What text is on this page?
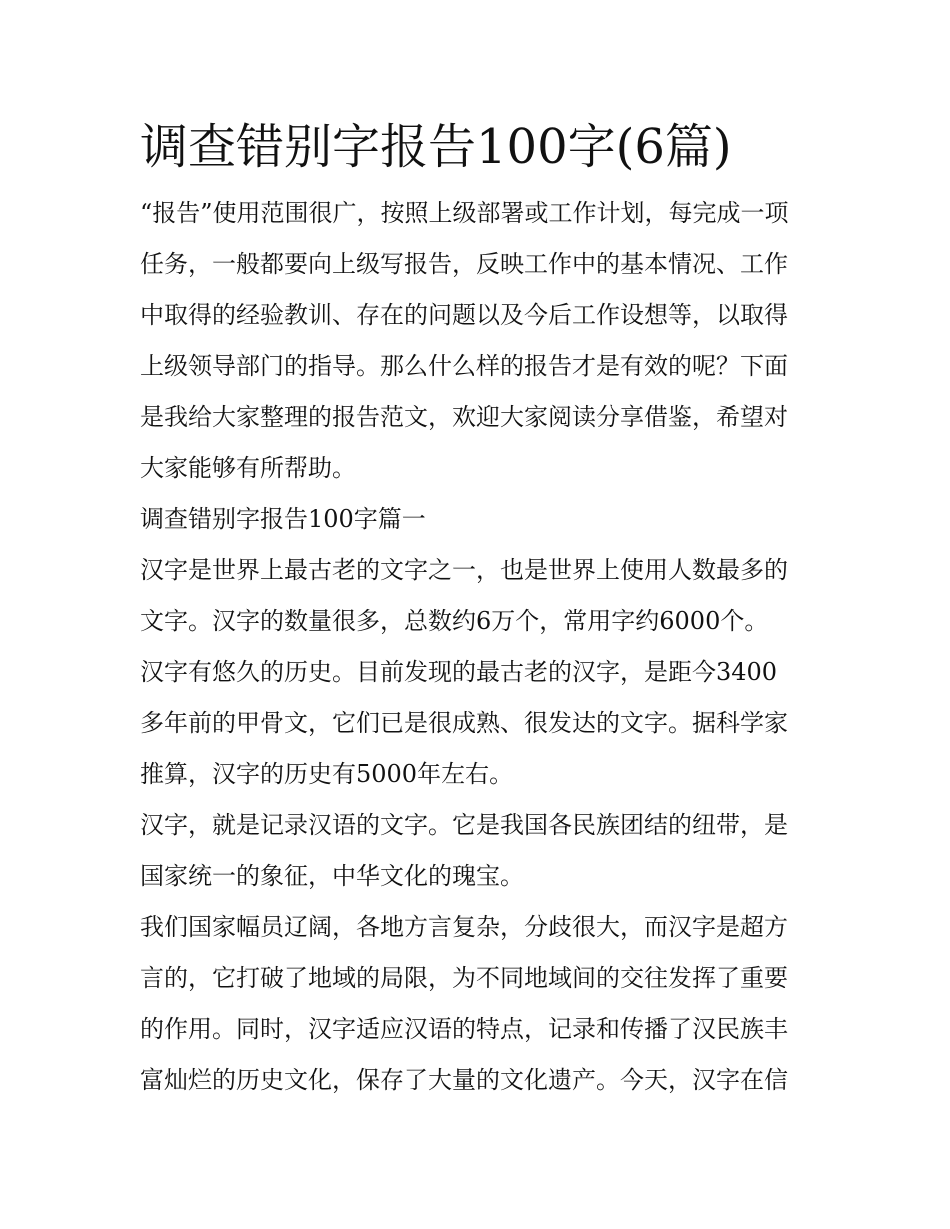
调查错别字报告100字(6篇)
“报告”使用范围很广，按照上级部署或工作计划，每完成一项
任务，一般都要向上级写报告，反映工作中的基本情况、工作
中取得的经验教训、存在的问题以及今后工作设想等，以取得
上级领导部门的指导。那么什么样的报告才是有效的呢？下面
是我给大家整理的报告范文，欢迎大家阅读分享借鉴，希望对
大家能够有所帮助。
调查错别字报告100字篇一
汉字是世界上最古老的文字之一，也是世界上使用人数最多的
文字。汉字的数量很多，总数约6万个，常用字约6000个。
汉字有悠久的历史。目前发现的最古老的汉字，是距今3400
多年前的甲骨文，它们已是很成熟、很发达的文字。据科学家
推算，汉字的历史有5000年左右。
汉字，就是记录汉语的文字。它是我国各民族团结的纽带，是
国家统一的象征，中华文化的瑰宝。
我们国家幅员辽阔，各地方言复杂，分歧很大，而汉字是超方
言的，它打破了地域的局限，为不同地域间的交往发挥了重要
的作用。同时，汉字适应汉语的特点，记录和传播了汉民族丰
富灿烂的历史文化，保存了大量的文化遗产。今天，汉字在信
